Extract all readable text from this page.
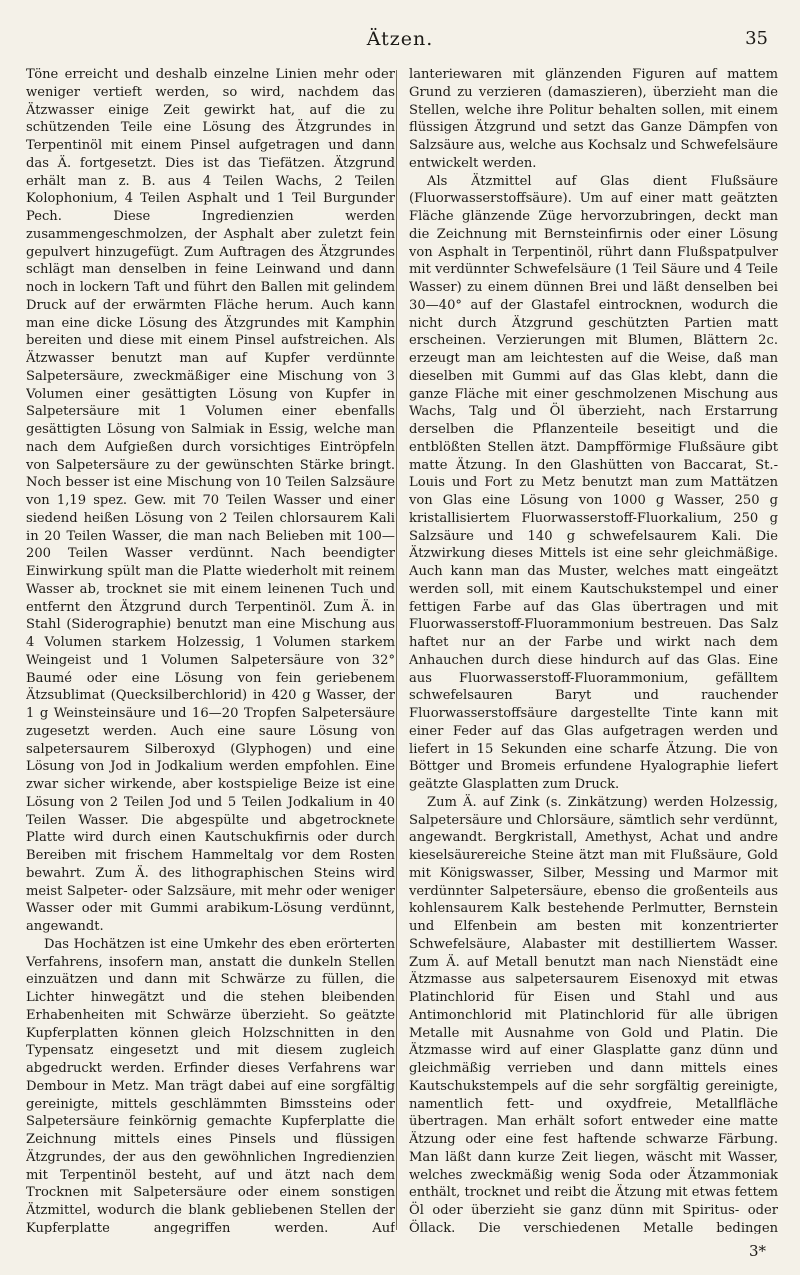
Ätzen.	35

Töne erreicht und deshalb einzelne Linien mehr oder weniger vertieft werden, so wird, nachdem das Ätzwasser einige Zeit gewirkt hat, auf die zu schützenden Teile eine Lösung des Ätzgrundes in Terpentinöl mit einem Pinsel aufgetragen und dann das Ä. fortgesetzt. Dies ist das Tiefätzen. Ätzgrund erhält man z. B. aus 4 Teilen Wachs, 2 Teilen Kolophonium, 4 Teilen Asphalt und 1 Teil Burgunder Pech. Diese Ingredienzien werden zusammengeschmolzen, der Asphalt aber zuletzt fein gepulvert hinzugefügt. Zum Auftragen des Ätzgrundes schlägt man denselben in feine Leinwand und dann noch in lockern Taft und führt den Ballen mit gelindem Druck auf der erwärmten Fläche herum. Auch kann man eine dicke Lösung des Ätzgrundes mit Kamphin bereiten und diese mit einem Pinsel aufstreichen. Als Ätzwasser benutzt man auf Kupfer verdünnte Salpetersäure, zweckmäßiger eine Mischung von 3 Volumen einer gesättigten Lösung von Kupfer in Salpetersäure mit 1 Volumen einer ebenfalls gesättigten Lösung von Salmiak in Essig, welche man nach dem Aufgießen durch vorsichtiges Eintröpfeln von Salpetersäure zu der gewünschten Stärke bringt. Noch besser ist eine Mischung von 10 Teilen Salzsäure von 1,19 spez. Gew. mit 70 Teilen Wasser und einer siedend heißen Lösung von 2 Teilen chlorsaurem Kali in 20 Teilen Wasser, die man nach Belieben mit 100—200 Teilen Wasser verdünnt. Nach beendigter Einwirkung spült man die Platte wiederholt mit reinem Wasser ab, trocknet sie mit einem leinenen Tuch und entfernt den Ätzgrund durch Terpentinöl. Zum Ä. in Stahl (Siderographie) benutzt man eine Mischung aus 4 Volumen starkem Holzessig, 1 Volumen starkem Weingeist und 1 Volumen Salpetersäure von 32° Baumé oder eine Lösung von fein geriebenem Ätzsublimat (Quecksilberchlorid) in 420 g Wasser, der 1 g Weinsteinsäure und 16—20 Tropfen Salpetersäure zugesetzt werden. Auch eine saure Lösung von salpetersaurem Silberoxyd (Glyphogen) und eine Lösung von Jod in Jodkalium werden empfohlen. Eine zwar sicher wirkende, aber kostspielige Beize ist eine Lösung von 2 Teilen Jod und 5 Teilen Jodkalium in 40 Teilen Wasser. Die abgespülte und abgetrocknete Platte wird durch einen Kautschukfirnis oder durch Bereiben mit frischem Hammeltalg vor dem Rosten bewahrt. Zum Ä. des lithographischen Steins wird meist Salpeter- oder Salzsäure, mit mehr oder weniger Wasser oder mit Gummi arabikum-Lösung verdünnt, angewandt.

Das Hochätzen ist eine Umkehr des eben erörterten Verfahrens, insofern man, anstatt die dunkeln Stellen einzuätzen und dann mit Schwärze zu füllen, die Lichter hinwegätzt und die stehen bleibenden Erhabenheiten mit Schwärze überzieht. So geätzte Kupferplatten können gleich Holzschnitten in den Typensatz eingesetzt und mit diesem zugleich abgedruckt werden. Erfinder dieses Verfahrens war Dembour in Metz. Man trägt dabei auf eine sorgfältig gereinigte, mittels geschlämmten Bimssteins oder Salpetersäure feinkörnig gemachte Kupferplatte die Zeichnung mittels eines Pinsels und flüssigen Ätzgrundes, der aus den gewöhnlichen Ingredienzien mit Terpentinöl besteht, auf und ätzt nach dem Trocknen mit Salpetersäure oder einem sonstigen Ätzmittel, wodurch die blank gebliebenen Stellen der Kupferplatte angegriffen werden. Auf

lanteriewaren mit glänzenden Figuren auf mattem Grund zu verzieren (damaszieren), überzieht man die Stellen, welche ihre Politur behalten sollen, mit einem flüssigen Ätzgrund und setzt das Ganze Dämpfen von Salzsäure aus, welche aus Kochsalz und Schwefelsäure entwickelt werden.

Als Ätzmittel auf Glas dient Flußsäure (Fluorwasserstoffsäure). Um auf einer matt geätzten Fläche glänzende Züge hervorzubringen, deckt man die Zeichnung mit Bernsteinfirnis oder einer Lösung von Asphalt in Terpentinöl, rührt dann Flußspatpulver mit verdünnter Schwefelsäure (1 Teil Säure und 4 Teile Wasser) zu einem dünnen Brei und läßt denselben bei 30—40° auf der Glastafel eintrocknen, wodurch die nicht durch Ätzgrund geschützten Partien matt erscheinen. Verzierungen mit Blumen, Blättern 2c. erzeugt man am leichtesten auf die Weise, daß man dieselben mit Gummi auf das Glas klebt, dann die ganze Fläche mit einer geschmolzenen Mischung aus Wachs, Talg und Öl überzieht, nach Erstarrung derselben die Pflanzenteile beseitigt und die entblößten Stellen ätzt. Dampfförmige Flußsäure gibt matte Ätzung. In den Glashütten von Baccarat, St.-Louis und Fort zu Metz benutzt man zum Mattätzen von Glas eine Lösung von 1000 g Wasser, 250 g kristallisiertem Fluorwasserstoff-Fluorkalium, 250 g Salzsäure und 140 g schwefelsaurem Kali. Die Ätzwirkung dieses Mittels ist eine sehr gleichmäßige. Auch kann man das Muster, welches matt eingeätzt werden soll, mit einem Kautschukstempel und einer fettigen Farbe auf das Glas übertragen und mit Fluorwasserstoff-Fluorammonium bestreuen. Das Salz haftet nur an der Farbe und wirkt nach dem Anhauchen durch diese hindurch auf das Glas. Eine aus Fluorwasserstoff-Fluorammonium, gefälltem schwefelsauren Baryt und rauchender Fluorwasserstoffsäure dargestellte Tinte kann mit einer Feder auf das Glas aufgetragen werden und liefert in 15 Sekunden eine scharfe Ätzung. Die von Böttger und Bromeis erfundene Hyalographie liefert geätzte Glasplatten zum Druck.

Zum Ä. auf Zink (s. Zinkätzung) werden Holzessig, Salpetersäure und Chlorsäure, sämtlich sehr verdünnt, angewandt. Bergkristall, Amethyst, Achat und andre kieselsäurereiche Steine ätzt man mit Flußsäure, Gold mit Königswasser, Silber, Messing und Marmor mit verdünnter Salpetersäure, ebenso die großenteils aus kohlensaurem Kalk bestehende Perlmutter, Bernstein und Elfenbein am besten mit konzentrierter Schwefelsäure, Alabaster mit destilliertem Wasser. Zum Ä. auf Metall benutzt man nach Nienstädt eine Ätzmasse aus salpetersaurem Eisenoxyd mit etwas Platinchlorid für Eisen und Stahl und aus Antimonchlorid mit Platinchlorid für alle übrigen Metalle mit Ausnahme von Gold und Platin. Die Ätzmasse wird auf einer Glasplatte ganz dünn und gleichmäßig verrieben und dann mittels eines Kautschukstempels auf die sehr sorgfältig gereinigte, namentlich fett- und oxydfreie, Metallfläche übertragen. Man erhält sofort entweder eine matte Ätzung oder eine fest haftende schwarze Färbung. Man läßt dann kurze Zeit liegen, wäscht mit Wasser, welches zweckmäßig wenig Soda oder Ätzammoniak enthält, trocknet und reibt die Ätzung mit etwas fettem Öl oder überzieht sie ganz dünn mit Spiritus- oder Öllack. Die verschiedenen Metalle bedingen

3*
